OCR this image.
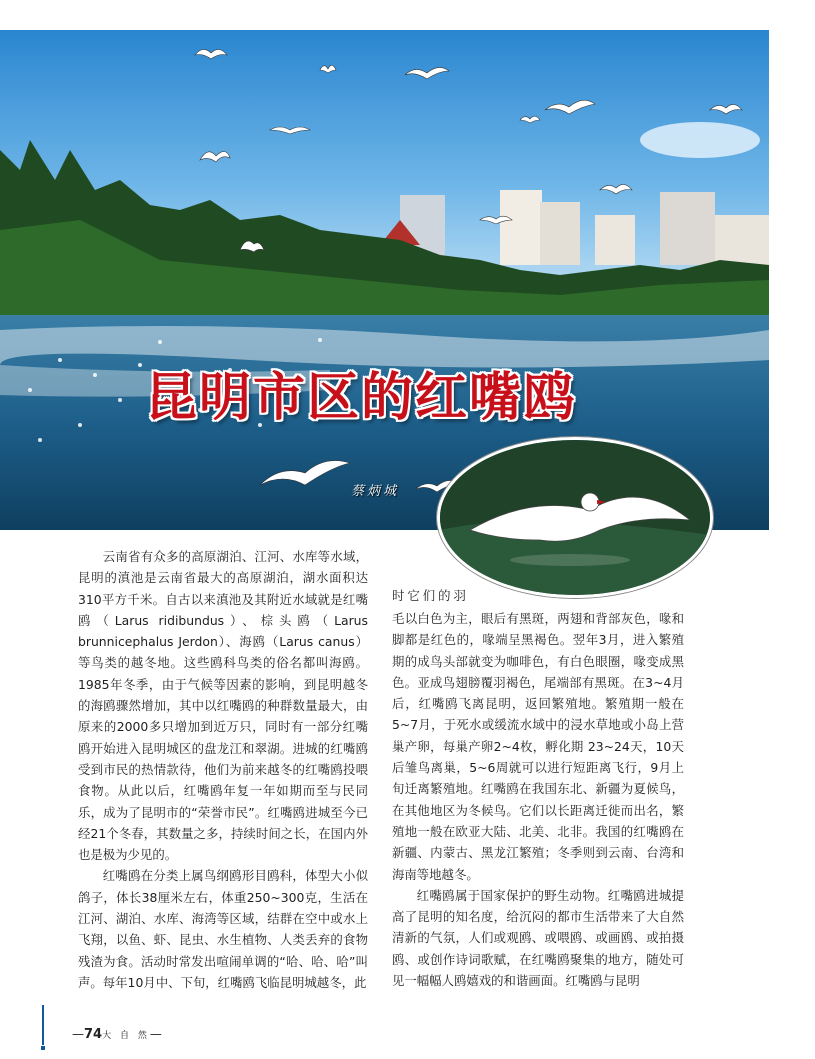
昆明市区的红嘴鸥
蔡炳城

云南省有众多的高原湖泊、江河、水库等水域，昆明的滇池是云南省最大的高原湖泊，湖水面积达310平方千米。自古以来滇池及其附近水域就是红嘴鸥（Larus ridibundus）、棕头鸥（Larus brunnicephalus Jerdon）、海鸥（Larus canus）等鸟类的越冬地。这些鸥科鸟类的俗名都叫海鸥。1985年冬季，由于气候等因素的影响，到昆明越冬的海鸥骤然增加，其中以红嘴鸥的种群数量最大，由原来的2000多只增加到近万只，同时有一部分红嘴鸥开始进入昆明城区的盘龙江和翠湖。进城的红嘴鸥受到市民的热情款待，他们为前来越冬的红嘴鸥投喂食物。从此以后，红嘴鸥年复一年如期而至与民同乐，成为了昆明市的“荣誉市民”。红嘴鸥进城至今已经21个冬春，其数量之多，持续时间之长，在国内外也是极为少见的。

红嘴鸥在分类上属鸟纲鸥形目鸥科，体型大小似鸽子，体长38厘米左右，体重250~300克，生活在江河、湖泊、水库、海湾等区域，结群在空中或水上飞翔，以鱼、虾、昆虫、水生植物、人类丢弃的食物残渣为食。活动时常发出喧闹单调的“哈、哈、哈”叫声。每年10月中、下旬，红嘴鸥飞临昆明城越冬，此

时它们的羽

毛以白色为主，眼后有黑斑，两翅和背部灰色，喙和脚都是红色的，喙端呈黑褐色。翌年3月，进入繁殖期的成鸟头部就变为咖啡色，有白色眼圈，喙变成黑色。亚成鸟翅膀覆羽褐色，尾端部有黑斑。在3~4月后，红嘴鸥飞离昆明，返回繁殖地。繁殖期一般在5~7月，于死水或缓流水域中的浸水草地或小岛上营巢产卵，每巢产卵2~4枚，孵化期 23~24天，10天后雏鸟离巢，5~6周就可以进行短距离飞行，9月上旬迁离繁殖地。红嘴鸥在我国东北、新疆为夏候鸟，在其他地区为冬候鸟。它们以长距离迁徙而出名，繁殖地一般在欧亚大陆、北美、北非。我国的红嘴鸥在新疆、内蒙古、黑龙江繁殖；冬季则到云南、台湾和海南等地越冬。

红嘴鸥属于国家保护的野生动物。红嘴鸥进城提高了昆明的知名度，给沉闷的都市生活带来了大自然清新的气氛，人们或观鸥、或喂鸥、或画鸥、或拍摄鸥、或创作诗词歌赋，在红嘴鸥聚集的地方，随处可见一幅幅人鸥嬉戏的和谐画面。红嘴鸥与昆明

—74大 自 然—
